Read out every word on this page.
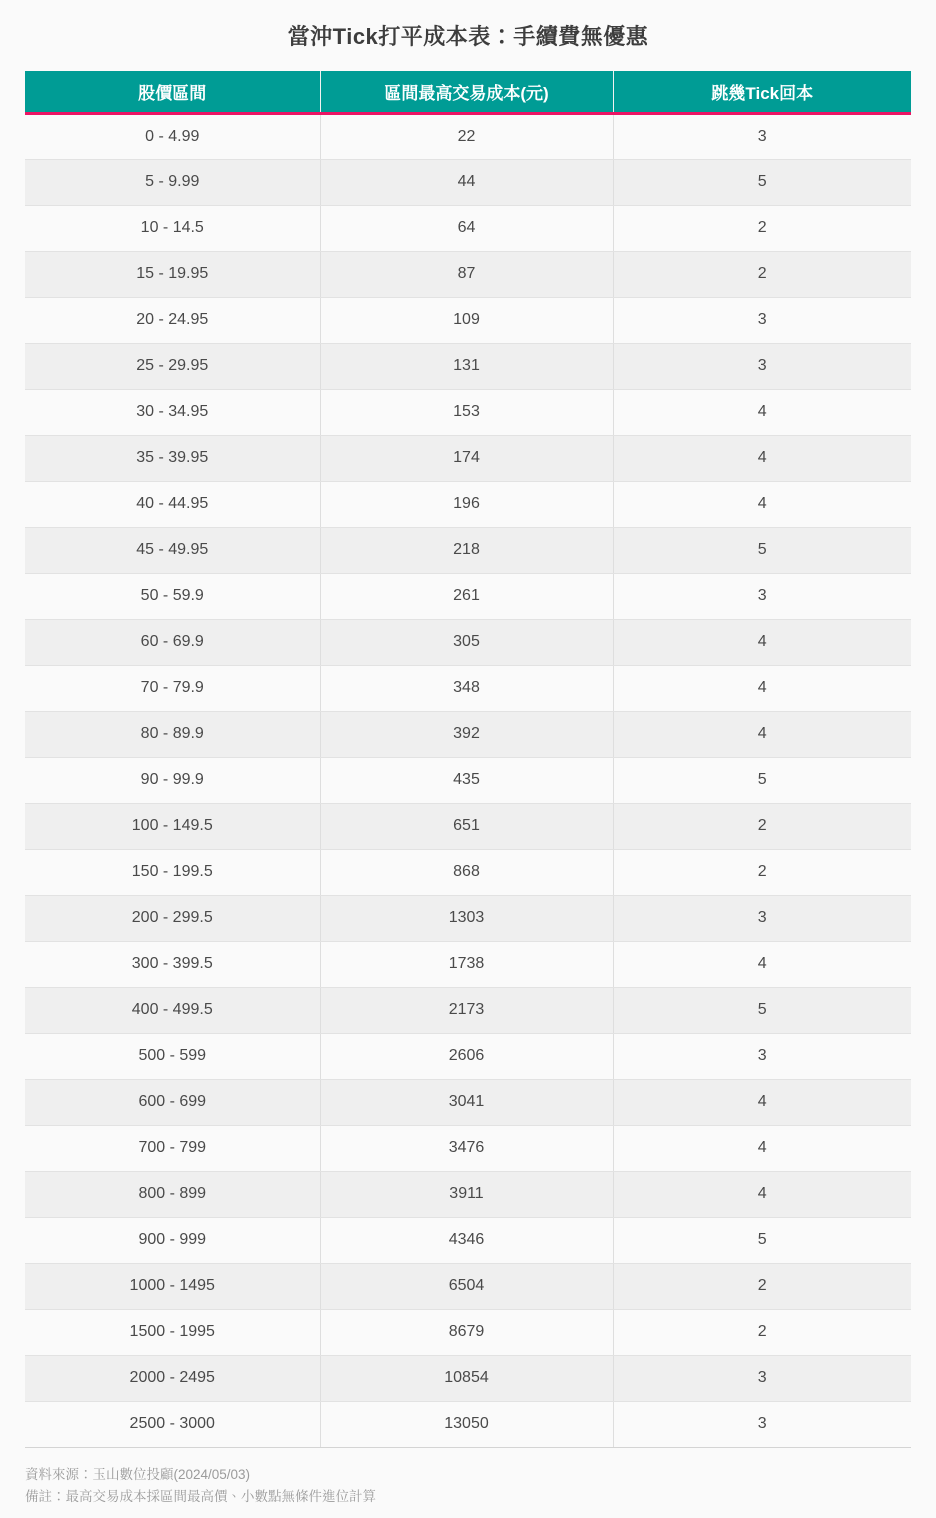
當沖Tick打平成本表：手續費無優惠
股價區間	區間最高交易成本(元)	跳幾Tick回本
0 - 4.99	22	3
5 - 9.99	44	5
10 - 14.5	64	2
15 - 19.95	87	2
20 - 24.95	109	3
25 - 29.95	131	3
30 - 34.95	153	4
35 - 39.95	174	4
40 - 44.95	196	4
45 - 49.95	218	5
50 - 59.9	261	3
60 - 69.9	305	4
70 - 79.9	348	4
80 - 89.9	392	4
90 - 99.9	435	5
100 - 149.5	651	2
150 - 199.5	868	2
200 - 299.5	1303	3
300 - 399.5	1738	4
400 - 499.5	2173	5
500 - 599	2606	3
600 - 699	3041	4
700 - 799	3476	4
800 - 899	3911	4
900 - 999	4346	5
1000 - 1495	6504	2
1500 - 1995	8679	2
2000 - 2495	10854	3
2500 - 3000	13050	3
資料來源：玉山數位投顧(2024/05/03)
備註：最高交易成本採區間最高價、小數點無條件進位計算
